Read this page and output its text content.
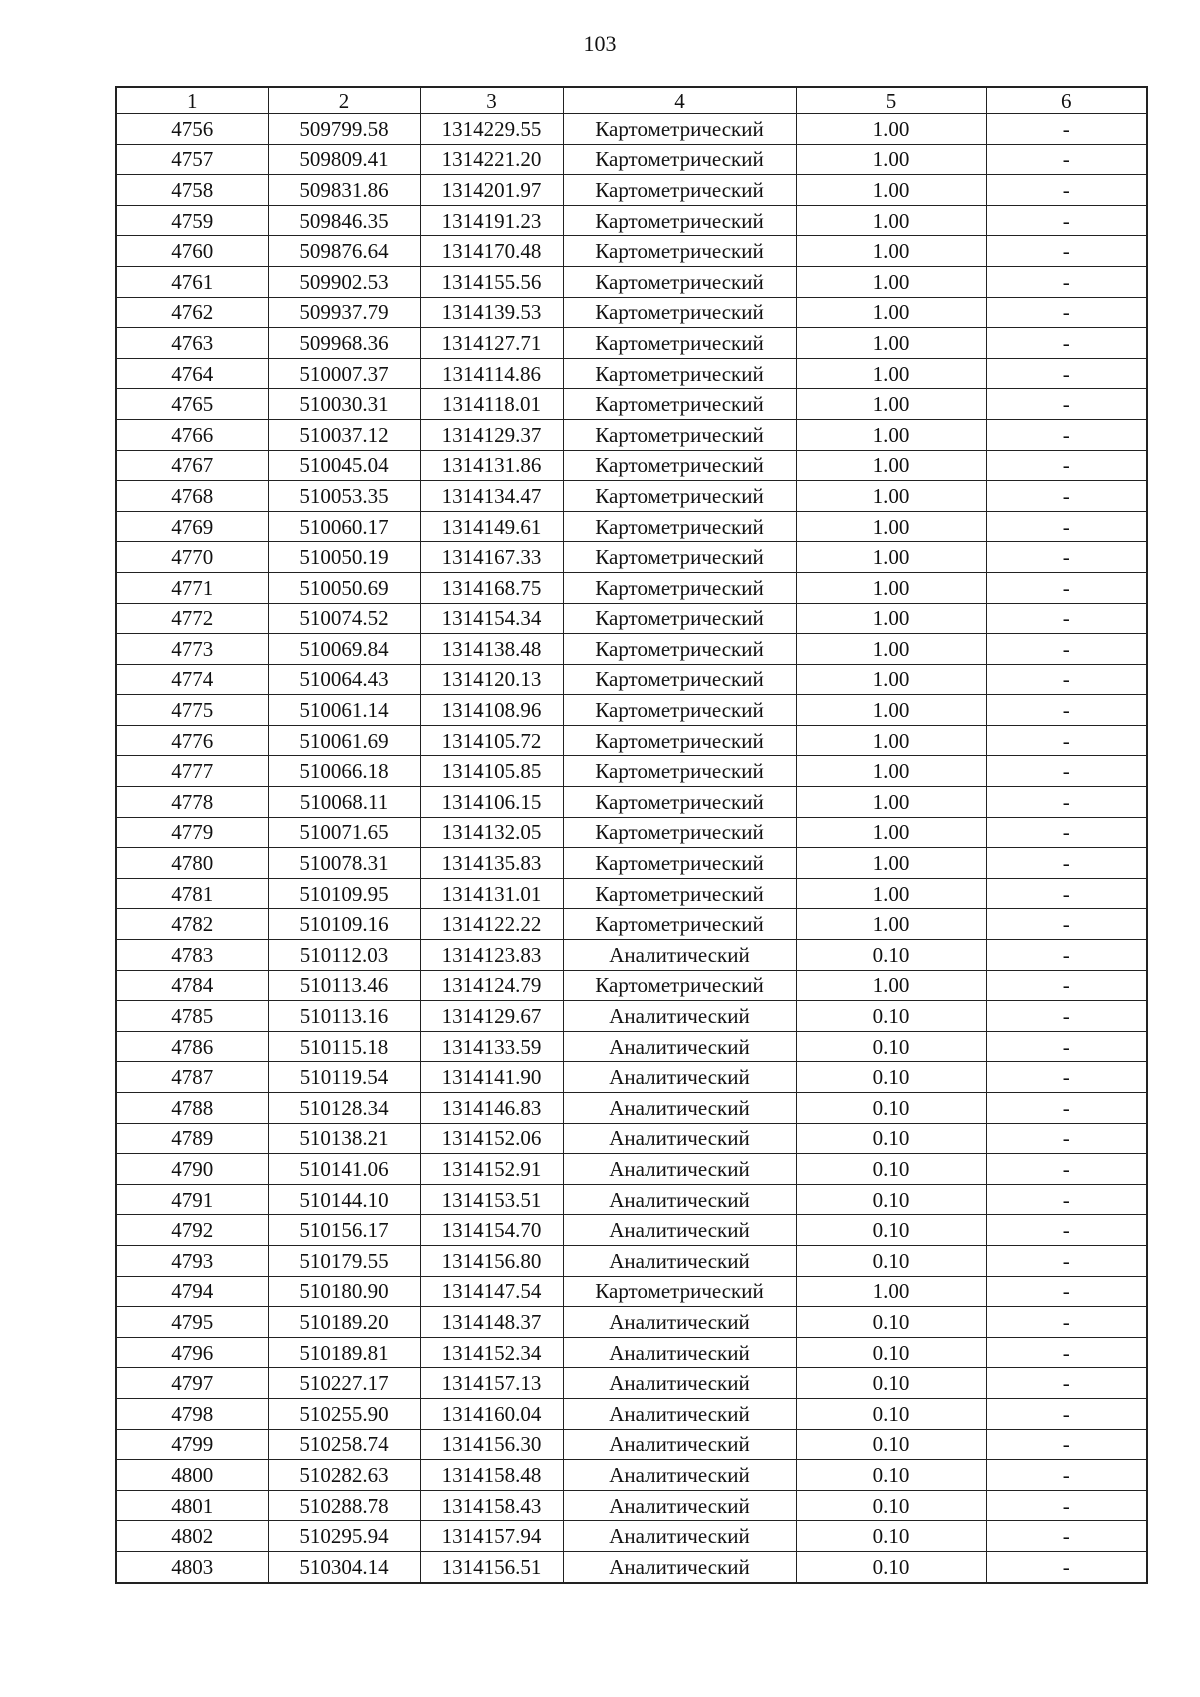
103
1	2	3	4	5	6
4756	509799.58	1314229.55	Картометрический	1.00	-
4757	509809.41	1314221.20	Картометрический	1.00	-
4758	509831.86	1314201.97	Картометрический	1.00	-
4759	509846.35	1314191.23	Картометрический	1.00	-
4760	509876.64	1314170.48	Картометрический	1.00	-
4761	509902.53	1314155.56	Картометрический	1.00	-
4762	509937.79	1314139.53	Картометрический	1.00	-
4763	509968.36	1314127.71	Картометрический	1.00	-
4764	510007.37	1314114.86	Картометрический	1.00	-
4765	510030.31	1314118.01	Картометрический	1.00	-
4766	510037.12	1314129.37	Картометрический	1.00	-
4767	510045.04	1314131.86	Картометрический	1.00	-
4768	510053.35	1314134.47	Картометрический	1.00	-
4769	510060.17	1314149.61	Картометрический	1.00	-
4770	510050.19	1314167.33	Картометрический	1.00	-
4771	510050.69	1314168.75	Картометрический	1.00	-
4772	510074.52	1314154.34	Картометрический	1.00	-
4773	510069.84	1314138.48	Картометрический	1.00	-
4774	510064.43	1314120.13	Картометрический	1.00	-
4775	510061.14	1314108.96	Картометрический	1.00	-
4776	510061.69	1314105.72	Картометрический	1.00	-
4777	510066.18	1314105.85	Картометрический	1.00	-
4778	510068.11	1314106.15	Картометрический	1.00	-
4779	510071.65	1314132.05	Картометрический	1.00	-
4780	510078.31	1314135.83	Картометрический	1.00	-
4781	510109.95	1314131.01	Картометрический	1.00	-
4782	510109.16	1314122.22	Картометрический	1.00	-
4783	510112.03	1314123.83	Аналитический	0.10	-
4784	510113.46	1314124.79	Картометрический	1.00	-
4785	510113.16	1314129.67	Аналитический	0.10	-
4786	510115.18	1314133.59	Аналитический	0.10	-
4787	510119.54	1314141.90	Аналитический	0.10	-
4788	510128.34	1314146.83	Аналитический	0.10	-
4789	510138.21	1314152.06	Аналитический	0.10	-
4790	510141.06	1314152.91	Аналитический	0.10	-
4791	510144.10	1314153.51	Аналитический	0.10	-
4792	510156.17	1314154.70	Аналитический	0.10	-
4793	510179.55	1314156.80	Аналитический	0.10	-
4794	510180.90	1314147.54	Картометрический	1.00	-
4795	510189.20	1314148.37	Аналитический	0.10	-
4796	510189.81	1314152.34	Аналитический	0.10	-
4797	510227.17	1314157.13	Аналитический	0.10	-
4798	510255.90	1314160.04	Аналитический	0.10	-
4799	510258.74	1314156.30	Аналитический	0.10	-
4800	510282.63	1314158.48	Аналитический	0.10	-
4801	510288.78	1314158.43	Аналитический	0.10	-
4802	510295.94	1314157.94	Аналитический	0.10	-
4803	510304.14	1314156.51	Аналитический	0.10	-
